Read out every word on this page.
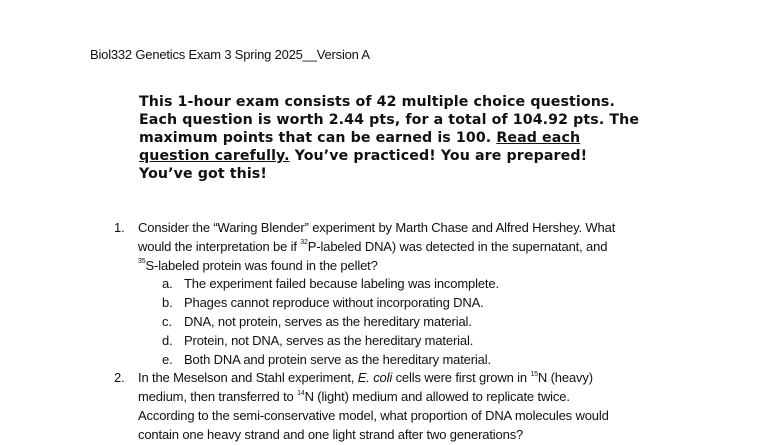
Biol332 Genetics Exam 3 Spring 2025__Version A
This 1-hour exam consists of 42 multiple choice questions.
Each question is worth 2.44 pts, for a total of 104.92 pts. The
maximum points that can be earned is 100. Read each
question carefully. You’ve practiced! You are prepared!
You’ve got this!
1. Consider the “Waring Blender” experiment by Marth Chase and Alfred Hershey. What
would the interpretation be if $^{32}$P-labeled DNA) was detected in the supernatant, and
$^{35}$S-labeled protein was found in the pellet?
a. The experiment failed because labeling was incomplete.
b. Phages cannot reproduce without incorporating DNA.
c. DNA, not protein, serves as the hereditary material.
d. Protein, not DNA, serves as the hereditary material.
e. Both DNA and protein serve as the hereditary material.
2. In the Meselson and Stahl experiment, E. coli cells were first grown in $^{15}$N (heavy)
medium, then transferred to $^{14}$N (light) medium and allowed to replicate twice.
According to the semi-conservative model, what proportion of DNA molecules would
contain one heavy strand and one light strand after two generations?
